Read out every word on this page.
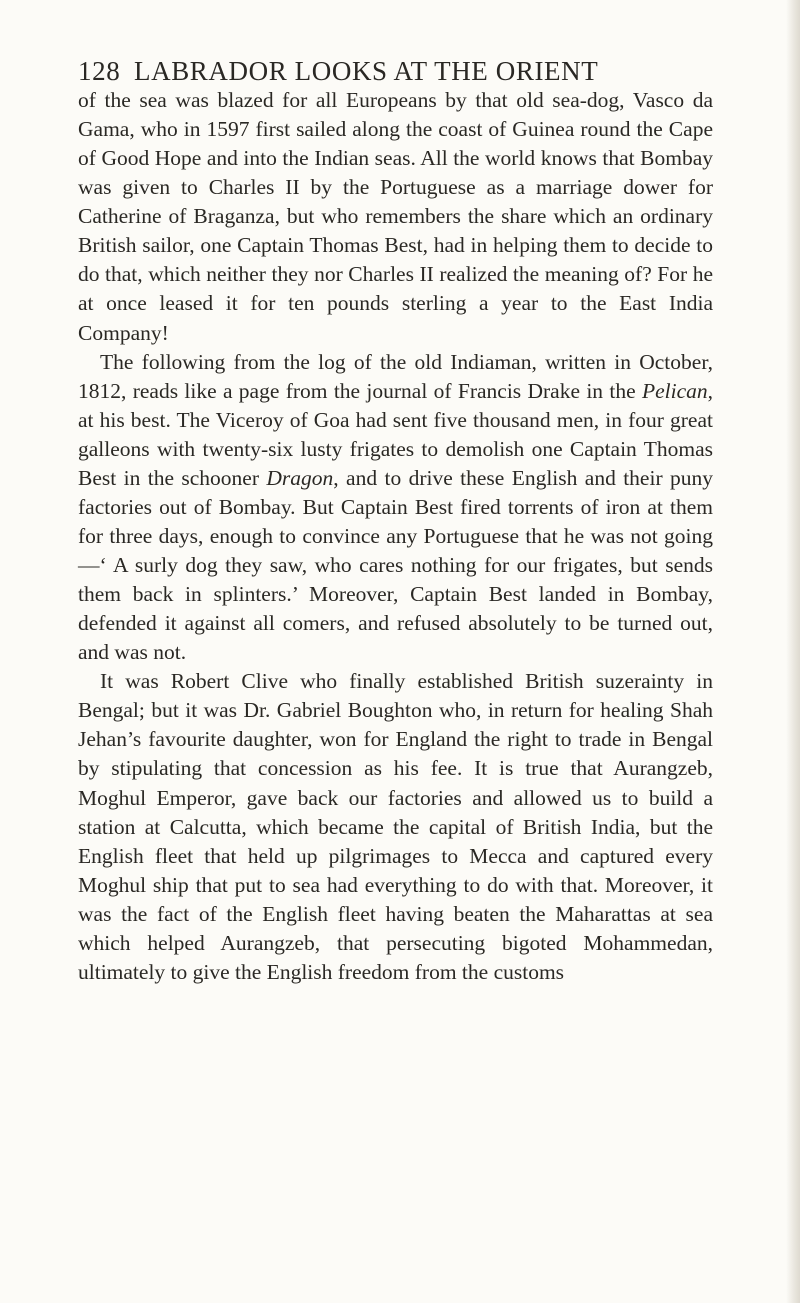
128 LABRADOR LOOKS AT THE ORIENT

of the sea was blazed for all Europeans by that old sea-dog, Vasco da Gama, who in 1597 first sailed along the coast of Guinea round the Cape of Good Hope and into the Indian seas. All the world knows that Bombay was given to Charles II by the Portuguese as a marriage dower for Catherine of Braganza, but who remembers the share which an ordinary British sailor, one Captain Thomas Best, had in helping them to decide to do that, which neither they nor Charles II realized the meaning of? For he at once leased it for ten pounds sterling a year to the East India Company!

The following from the log of the old Indiaman, written in October, 1812, reads like a page from the journal of Francis Drake in the Pelican, at his best. The Viceroy of Goa had sent five thousand men, in four great galleons with twenty-six lusty frigates to demolish one Captain Thomas Best in the schooner Dragon, and to drive these English and their puny factories out of Bombay. But Captain Best fired torrents of iron at them for three days, enough to convince any Portuguese that he was not going—‘ A surly dog they saw, who cares nothing for our frigates, but sends them back in splinters.’ Moreover, Captain Best landed in Bombay, defended it against all comers, and refused absolutely to be turned out, and was not.

It was Robert Clive who finally established British suzerainty in Bengal; but it was Dr. Gabriel Boughton who, in return for healing Shah Jehan’s favourite daughter, won for England the right to trade in Bengal by stipulating that concession as his fee. It is true that Aurangzeb, Moghul Emperor, gave back our factories and allowed us to build a station at Calcutta, which became the capital of British India, but the English fleet that held up pilgrimages to Mecca and captured every Moghul ship that put to sea had everything to do with that. Moreover, it was the fact of the English fleet having beaten the Maharattas at sea which helped Aurangzeb, that persecuting bigoted Mohammedan, ultimately to give the English freedom from the customs
